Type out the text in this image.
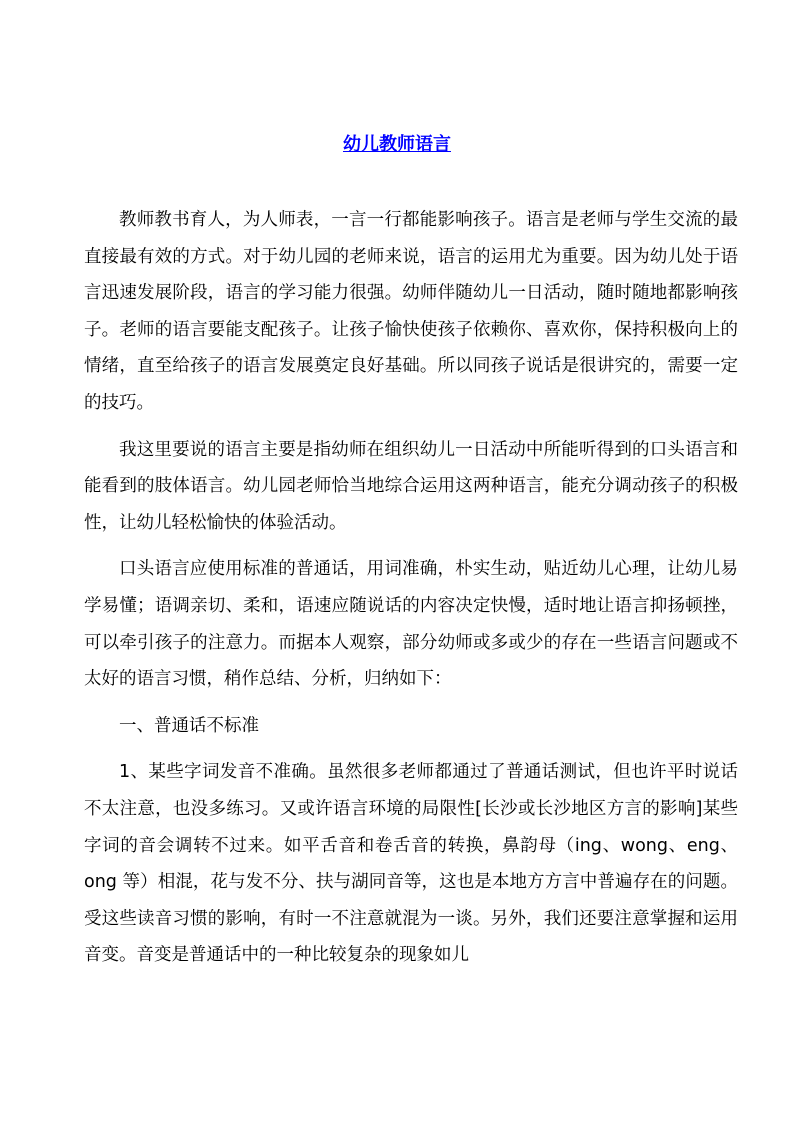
幼儿教师语言

教师教书育人，为人师表，一言一行都能影响孩子。语言是老师与学生交流的最直接最有效的方式。对于幼儿园的老师来说，语言的运用尤为重要。因为幼儿处于语言迅速发展阶段，语言的学习能力很强。幼师伴随幼儿一日活动，随时随地都影响孩子。老师的语言要能支配孩子。让孩子愉快使孩子依赖你、喜欢你，保持积极向上的情绪，直至给孩子的语言发展奠定良好基础。所以同孩子说话是很讲究的，需要一定的技巧。

我这里要说的语言主要是指幼师在组织幼儿一日活动中所能听得到的口头语言和能看到的肢体语言。幼儿园老师恰当地综合运用这两种语言，能充分调动孩子的积极性，让幼儿轻松愉快的体验活动。

口头语言应使用标准的普通话，用词准确，朴实生动，贴近幼儿心理，让幼儿易学易懂；语调亲切、柔和，语速应随说话的内容决定快慢，适时地让语言抑扬顿挫，可以牵引孩子的注意力。而据本人观察，部分幼师或多或少的存在一些语言问题或不太好的语言习惯，稍作总结、分析，归纳如下：

一、普通话不标准

1、某些字词发音不准确。虽然很多老师都通过了普通话测试，但也许平时说话不太注意，也没多练习。又或许语言环境的局限性[长沙或长沙地区方言的影响]某些字词的音会调转不过来。如平舌音和卷舌音的转换，鼻韵母（ing、wong、eng、ong 等）相混，花与发不分、扶与湖同音等，这也是本地方方言中普遍存在的问题。受这些读音习惯的影响，有时一不注意就混为一谈。另外，我们还要注意掌握和运用音变。音变是普通话中的一种比较复杂的现象如儿
